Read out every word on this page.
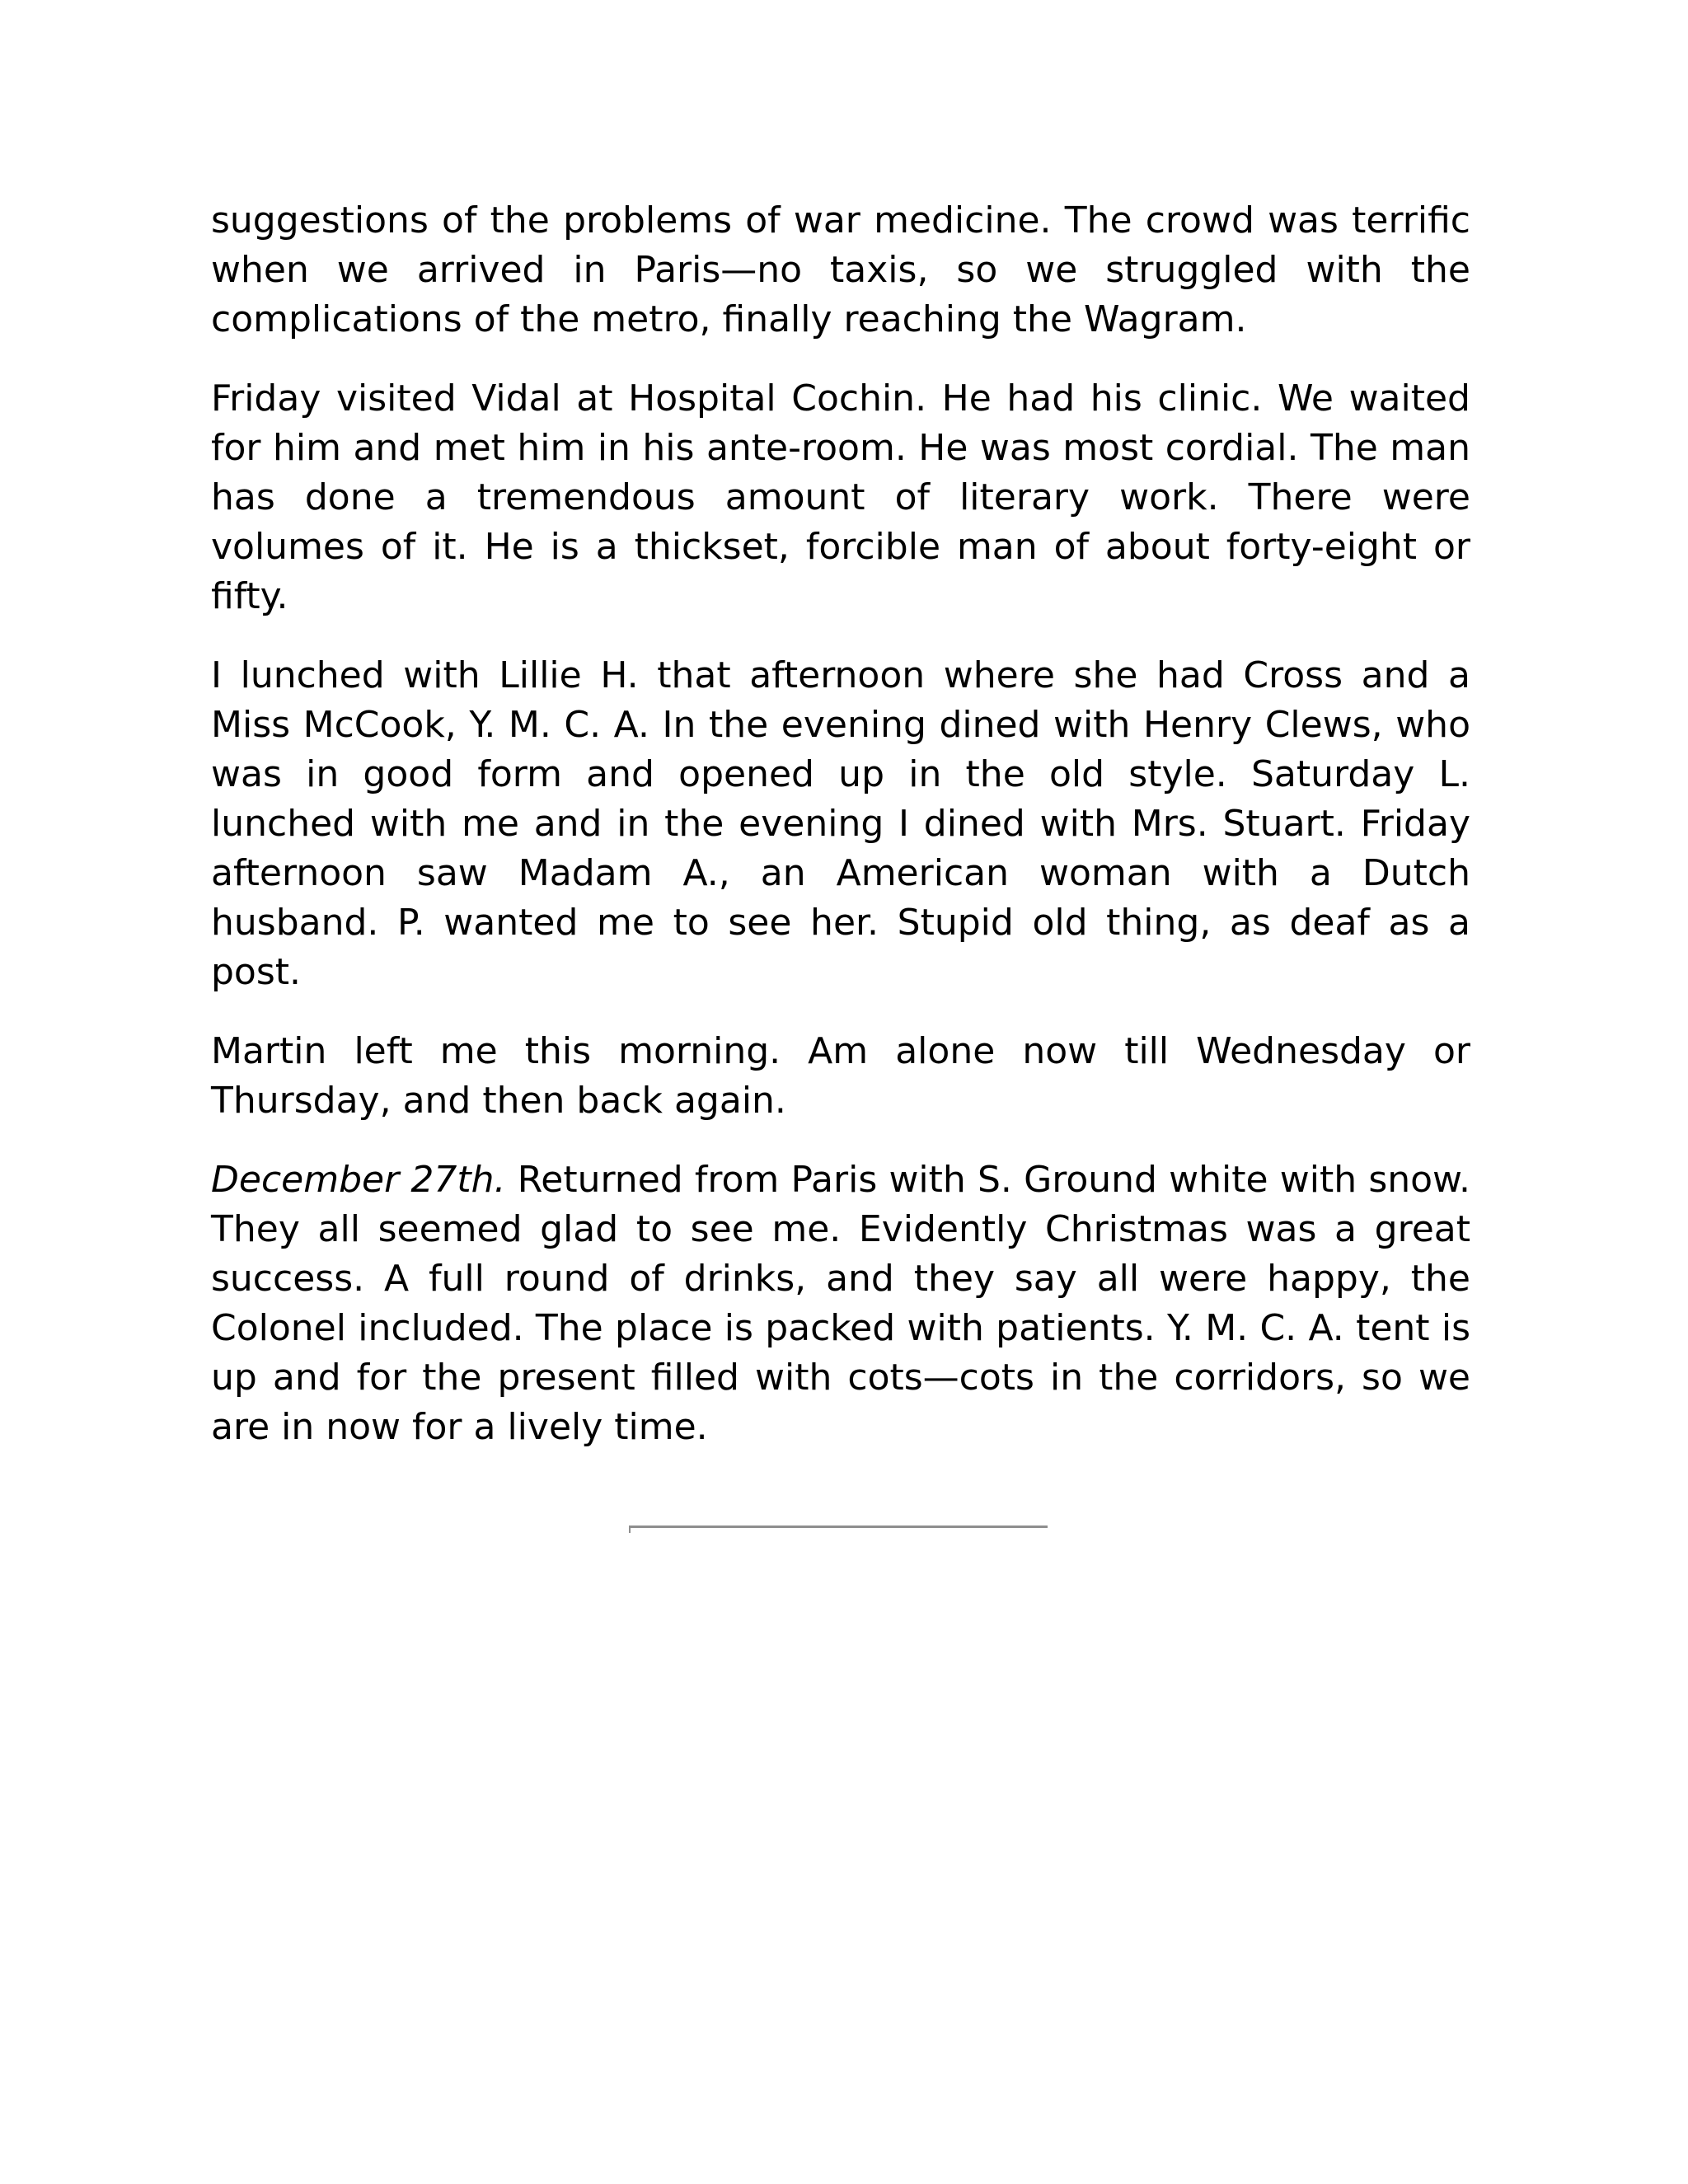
suggestions of the problems of war medicine. The crowd was terrific when we arrived in Paris—no taxis, so we struggled with the complications of the metro, finally reaching the Wagram.

Friday visited Vidal at Hospital Cochin. He had his clinic. We waited for him and met him in his ante-room. He was most cordial. The man has done a tremendous amount of literary work. There were volumes of it. He is a thickset, forcible man of about forty-eight or fifty.

I lunched with Lillie H. that afternoon where she had Cross and a Miss McCook, Y. M. C. A. In the evening dined with Henry Clews, who was in good form and opened up in the old style. Saturday L. lunched with me and in the evening I dined with Mrs. Stuart. Friday afternoon saw Madam A., an American woman with a Dutch husband. P. wanted me to see her. Stupid old thing, as deaf as a post.

Martin left me this morning. Am alone now till Wednesday or Thursday, and then back again.

December 27th. Returned from Paris with S. Ground white with snow. They all seemed glad to see me. Evidently Christmas was a great success. A full round of drinks, and they say all were happy, the Colonel included. The place is packed with patients. Y. M. C. A. tent is up and for the present filled with cots—cots in the corridors, so we are in now for a lively time.
